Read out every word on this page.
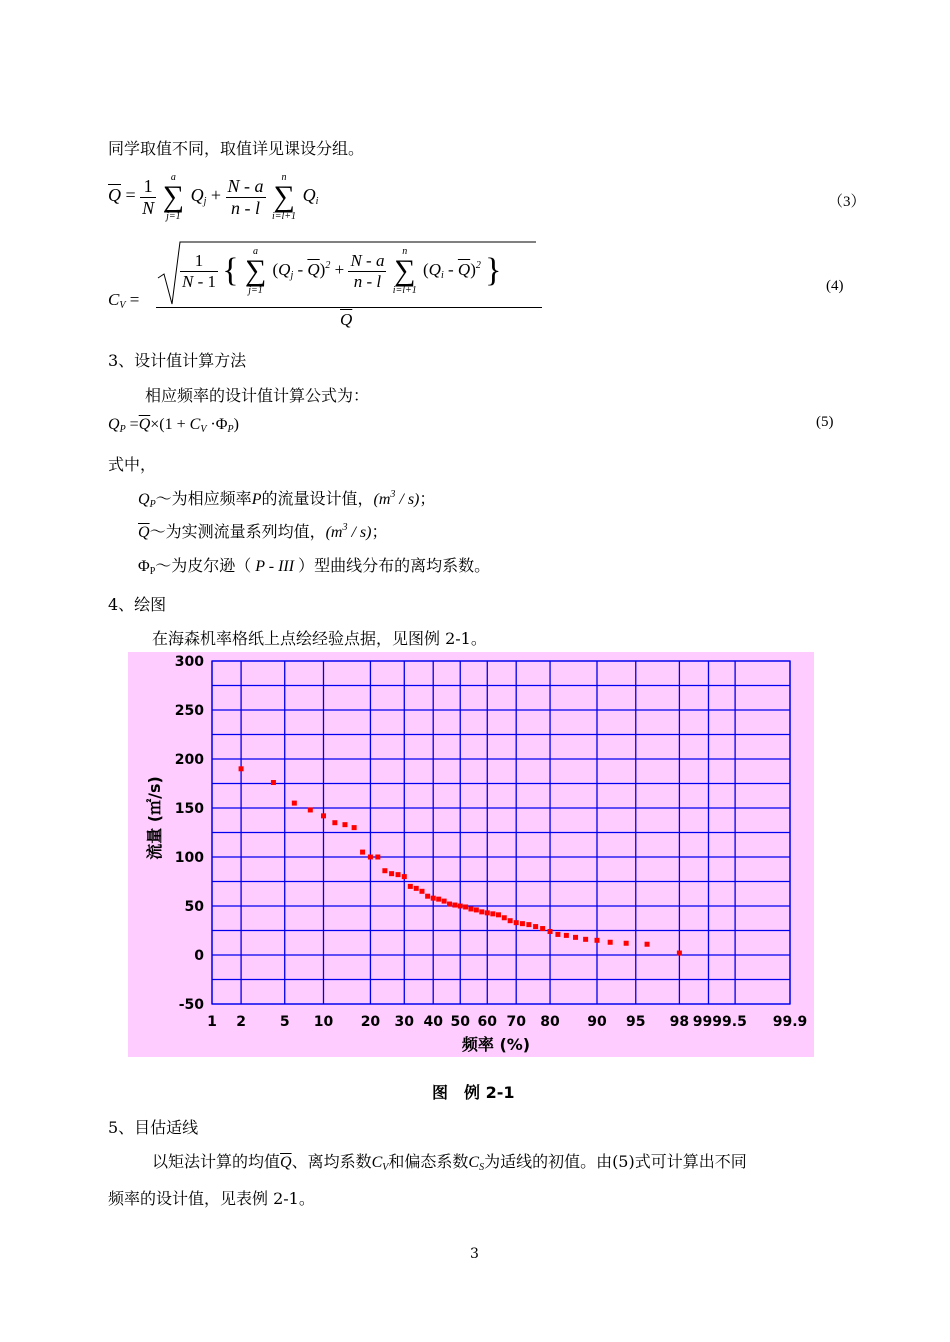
同学取值不同，取值详见课设分组。
$\overline{Q} = \frac{1}{N}$
	a
∑
j=1
$Q_j + \frac{N - a}{n - l}$
	n
∑
i=l+1
$Q_i$	（3）
$C_V$ =
$\frac{1}{N - 1}$ {
a
∑
j=1
$(Q_j - \overline{Q})^2 + \frac{N - a}{n - l}$
	n
∑
i=l+1
$(Q_i - \overline{Q})^2$ }
$\overline{Q}$
(4)
3、设计值计算方法
相应频率的设计值计算公式为：
$Q_P =\overline{Q}\times(1 + C_V \cdot\Phi_P)$	(5)
式中，
$Q_P\sim$为相应频率P的流量设计值，$(m^3 / s)$；
$\overline{Q}\sim$为实测流量系列均值，$(m^3 / s)$；
$\Phi_P\sim$为皮尔逊（ P - III ）型曲线分布的离均系数。
4、绘图
在海森机率格纸上点绘经验点据，见图例 2-1。
300
250
200
150
100
50
0
-50
1 2 5 10 20 30 40 50 60 70 80 90 95 98 9999.5 99.9
流量 (㎡/s)
频率 (%)
图　例 2-1
5、目估适线
以矩法计算的均值$\overline{Q}$、离均系数$C_V$和偏态系数$C_S$为适线的初值。由(5)式可计算出不同
频率的设计值，见表例 2-1。
3
